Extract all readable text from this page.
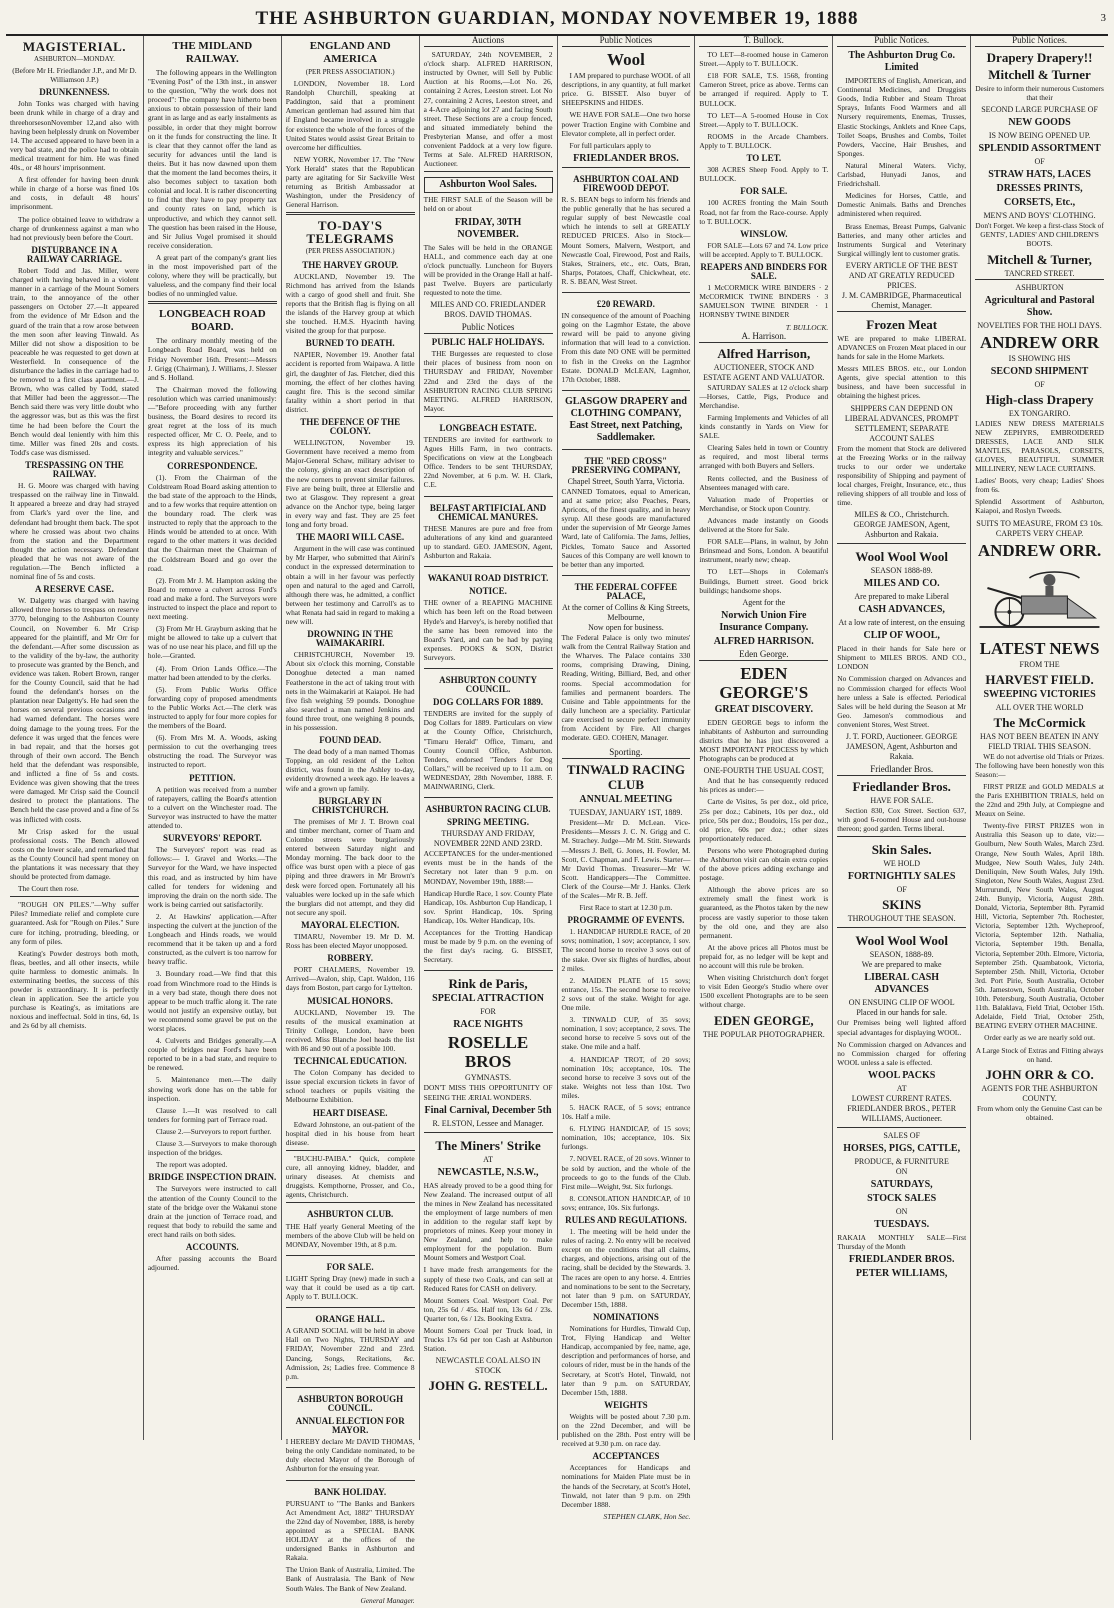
THE ASHBURTON GUARDIAN, MONDAY NOVEMBER 19, 1888	3
MAGISTERIAL.
ASHBURTON—MONDAY.

(Before Mr H. Friedlander J.P., and Mr D. Williamson J.P.)

DRUNKENNESS.

John Tonks was charged with having been drunk while in charge of a dray and threehorsesonNovember 12,and also with having been helplessly drunk on November 14. The accused appeared to have been in a very bad state, and the police had to obtain medical treatment for him. He was fined 40s., or 48 hours' imprisonment.

A first offender for having been drunk while in charge of a horse was fined 10s and costs, in default 48 hours' imprisonment.

The police obtained leave to withdraw a charge of drunkenness against a man who had not previously been before the Court.

DISTURBANCE IN A RAILWAY CARRIAGE.

Robert Todd and Jas. Miller, were charged with having behaved in a violent manner in a carriage of the Mount Somers train, to the annoyance of the other passengers on October 27.—It appeared from the evidence of Mr Edson and the guard of the train that a row arose between the men soon after leaving Tinwald. As Miller did not show a disposition to be peaceable he was requested to get down at Westerfield. In consequence of the disturbance the ladies in the carriage had to be removed to a first class apartment.—J. Brown, who was called by Todd, stated that Miller had been the aggressor.—The Bench said there was very little doubt who the aggressor was, but as this was the first time he had been before the Court the Bench would deal leniently with him this time. Miller was fined 20s and costs. Todd's case was dismissed.

TRESPASSING ON THE RAILWAY.

H. G. Moore was charged with having trespassed on the railway line in Tinwald. It appeared a breeze and dray had strayed from Clark's yard over the line, and defendant had brought them back. The spot where he crossed was about two chains from the station and the Department thought the action necessary. Defendant pleaded that he was not aware of the regulation.—The Bench inflicted a nominal fine of 5s and costs.

A RESERVE CASE.

W. Dalgetty was charged with having allowed three horses to trespass on reserve 3770, belonging to the Ashburton County Council, on November 6. Mr Crisp appeared for the plaintiff, and Mr Orr for the defendant.—After some discussion as to the validity of the by-law, the authority to prosecute was granted by the Bench, and evidence was taken. Robert Brown, ranger for the County Council, said that he had found the defendant's horses on the plantation near Dalgetty's. He had seen the horses on several previous occasions and had warned defendant. The horses were doing damage to the young trees. For the defence it was urged that the fences were in bad repair, and that the horses got through of their own accord. The Bench held that the defendant was responsible, and inflicted a fine of 5s and costs. Evidence was given showing that the trees were damaged. Mr Crisp said the Council desired to protect the plantations. The Bench held the case proved and a fine of 5s was inflicted with costs.

Mr Crisp asked for the usual professional costs. The Bench allowed costs on the lower scale, and remarked that as the County Council had spent money on the plantations it was necessary that they should be protected from damage.

The Court then rose.

"ROUGH ON PILES."—Why suffer Piles? Immediate relief and complete cure guaranteed. Ask for "Rough on Piles." Sure cure for itching, protruding, bleeding, or any form of piles.

Keating's Powder destroys both moth, fleas, beetles, and all other insects, while quite harmless to domestic animals. In exterminating beetles, the success of this powder is extraordinary. It is perfectly clean in application. See the article you purchase is Keating's, as imitations are noxious and ineffectual. Sold in tins, 6d, 1s and 2s 6d by all chemists.

THE MIDLAND RAILWAY.

The following appears in the Wellington "Evening Post" of the 13th inst., in answer to the question, "Why the work does not proceed": The company have hitherto been anxious to obtain possession of their land grant in as large and as early instalments as possible, in order that they might borrow on it the funds for constructing the line. It is clear that they cannot offer the land as security for advances until the land is theirs. But it has now dawned upon them that the moment the land becomes theirs, it also becomes subject to taxation both colonial and local. It is rather disconcerting to find that they have to pay property tax and county rates on land, which is unproductive, and which they cannot sell. The question has been raised in the House, and Sir Julius Vogel promised it should receive consideration.

A great part of the company's grant lies in the most impoverished part of the colony, where they will be practically, but valueless, and the company find their local bodies of no unmingled value.

LONGBEACH ROAD BOARD.

The ordinary monthly meeting of the Longbeach Road Board, was held on Friday November 16th. Present:—Messrs J. Grigg (Chairman), J. Williams, J. Slesser and S. Holland.

The Chairman moved the following resolution which was carried unanimously:—"Before proceeding with any further business, the Board desires to record its great regret at the loss of its much respected officer, Mr C. O. Peele, and to express its high appreciation of his integrity and valuable services."

CORRESPONDENCE.

(1). From the Chairman of the Coldstream Road Board asking attention to the bad state of the approach to the Hinds, and to a few works that require attention on the boundary road. The clerk was instructed to reply that the approach to the Hinds would be attended to at once. With regard to the other matters it was decided that the Chairman meet the Chairman of the Coldstream Board and go over the road.

(2). From Mr J. M. Hampton asking the Board to remove a culvert across Ford's road and make a ford. The Surveyors were instructed to inspect the place and report to next meeting.

(3) From Mr H. Grayburn asking that he might be allowed to take up a culvert that was of no use near his place, and fill up the hole.—Granted.

(4). From Orion Lands Office.—The matter had been attended to by the clerks.

(5). From Public Works Office forwarding copy of proposed amendments to the Public Works Act.—The clerk was instructed to apply for four more copies for the members of the Board.

(6). From Mrs M. A. Woods, asking permission to cut the overhanging trees obstructing the road. The Surveyor was instructed to report.

PETITION.

A petition was received from a number of ratepayers, calling the Board's attention to a culvert on the Winchester road. The Surveyor was instructed to have the matter attended to.

SURVEYORS' REPORT.

The Surveyors' report was read as follows:— I. Gravel and Works.—The Surveyor for the Ward, we have inspected this road, and as instructed by him have called for tenders for widening and improving the drain on the north side. The work is being carried out satisfactorily.

2. At Hawkins' application.—After inspecting the culvert at the junction of the Longbeach and Hinds roads, we would recommend that it be taken up and a ford constructed, as the culvert is too narrow for heavy traffic.

3. Boundary road.—We find that this road from Winchmore road to the Hinds is in a very bad state, though there does not appear to be much traffic along it. The rate would not justify an expensive outlay, but we recommend some gravel be put on the worst places.

4. Culverts and Bridges generally.—A couple of bridges near Ford's have been reported to be in a bad state, and require to be renewed.

5. Maintenance men.—The daily showing work done has on the table for inspection.

Clause 1.—It was resolved to call tenders for forming part of Terrace road.

Clause 2.—Surveyors to report further.

Clause 3.—Surveyors to make thorough inspection of the bridges.

The report was adopted.

BRIDGE INSPECTION DRAIN.

The Surveyors were instructed to call the attention of the County Council to the state of the bridge over the Wakanui stone drain at the junction of Terrace road, and request that body to rebuild the same and erect hand rails on both sides.

ACCOUNTS.

After passing accounts the Board adjourned.

ENGLAND AND AMERICA
(PER PRESS ASSOCIATION.)

LONDON, November 18. Lord Randolph Churchill, speaking at Paddington, said that a prominent American gentleman had assured him that if England became involved in a struggle for existence the whole of the forces of the United States would assist Great Britain to overcome her difficulties.

NEW YORK, November 17. The "New York Herald" states that the Republican party are agitating for Sir Sackville West returning as British Ambassador at Washington, under the Presidency of General Harrison.

TO-DAY'S TELEGRAMS
(PER PRESS ASSOCIATION.)
THE HARVEY GROUP.

AUCKLAND, November 19. The Richmond has arrived from the Islands with a cargo of good shell and fruit. She reports that the British flag is flying on all the islands of the Harvey group at which she touched. H.M.S. Hyacinth having visited the group for that purpose.

BURNED TO DEATH.

NAPIER, November 19. Another fatal accident is reported from Waipawa. A little girl, the daughter of Jas. Fletcher, died this morning, the effect of her clothes having caught fire. This is the second similar fatality within a short period in that district.

THE DEFENCE OF THE COLONY.

WELLINGTON, November 19. Government have received a memo from Major-General Schaw, military adviser to the colony, giving an exact description of the new corners to prevent similar failures. Five are being built, three at Ellerslie and two at Glasgow. They represent a great advance on the Anchor type, being larger in every way and fast. They are 25 feet long and forty broad.

THE MAORI WILL CASE.

Argument in the will case was continued by Mr Harper, who submitted that Airini's conduct in the expressed determination to obtain a will in her favour was perfectly open and natural to the aged and Carroll, although there was, he admitted, a conflict between her testimony and Carroll's as to what Renata had said in regard to making a new will.

DROWNING IN THE WAIMAKARIRI.

CHRISTCHURCH, November 19. About six o'clock this morning, Constable Donoghue detected a man named Featherstone in the act of taking trout with nets in the Waimakariri at Kaiapoi. He had five fish weighing 59 pounds. Donoghue also searched a man named Jenkins and found three trout, one weighing 8 pounds, in his possession.

FOUND DEAD.

The dead body of a man named Thomas Topping, an old resident of the Lelton district, was found in the Ashley to-day, evidently drowned a week ago. He leaves a wife and a grown up family.

BURGLARY IN CHRISTCHURCH.

The premises of Mr J. T. Brown coal and timber merchant, corner of Tuam and Colombo streets were burglariously entered between Saturday night and Monday morning. The back door to the office was burst open with a piece of gas piping and three drawers in Mr Brown's desk were forced open. Fortunately all his valuables were locked up in the safe which the burglars did not attempt, and they did not secure any spoil.

MAYORAL ELECTION.

TIMARU, November 19. Mr D. M. Ross has been elected Mayor unopposed.

ROBBERY.

PORT CHALMERS, November 19. Arrived—Avalon, ship, Capt. Waldon, 116 days from Boston, part cargo for Lyttelton.

MUSICAL HONORS.

AUCKLAND, November 19. The results of the musical examination at Trinity College, London, have been received. Miss Blanche Joel heads the list with 86 and 90 out of a possible 100.

TECHNICAL EDUCATION.

The Colon Company has decided to issue special excursion tickets in favor of school teachers or pupils visiting the Melbourne Exhibition.

HEART DISEASE.

Edward Johnstone, an out-patient of the hospital died in his house from heart disease.

"BUCHU-PAIBA." Quick, complete cure, all annoying kidney, bladder, and urinary diseases. At chemists and druggists. Kempthorne, Prosser, and Co., agents, Christchurch.

ASHBURTON CLUB.

THE Half yearly General Meeting of the members of the above Club will be held on MONDAY, November 19th, at 8 p.m.

FOR SALE.

LIGHT Spring Dray (new) made in such a way that it could be used as a tip cart. Apply to T. BULLOCK.

ORANGE HALL.

A GRAND SOCIAL will be held in above Hall on Two Nights, THURSDAY and FRIDAY, November 22nd and 23rd. Dancing, Songs, Recitations, &c. Admission, 2s; Ladies free. Commence 8 p.m.

ASHBURTON BOROUGH COUNCIL.
ANNUAL ELECTION FOR MAYOR.

I HEREBY declare Mr DAVID THOMAS, being the only Candidate nominated, to be duly elected Mayor of the Borough of Ashburton for the ensuing year.

BANK HOLIDAY.

PURSUANT to "The Banks and Bankers Act Amendment Act, 1882" THURSDAY the 22nd day of November, 1888, is hereby appointed as a SPECIAL BANK HOLIDAY at the offices of the undersigned Banks in Ashburton and Rakaia.

The Union Bank of Australia, Limited. The Bank of Australasia. The Bank of New South Wales. The Bank of New Zealand.

General Manager.
Auctions

SATURDAY, 24th NOVEMBER, 2 o'clock sharp. ALFRED HARRISON, instructed by Owner, will Sell by Public Auction at his Rooms,—Lot No. 26, containing 2 Acres, Leeston street. Lot No 27, containing 2 Acres, Leeston street, and a 4-Acre adjoining lot 27 and facing South street. These Sections are a croup fenced, and situated immediately behind the Presbyterian Manse, and offer a most convenient Paddock at a very low figure. Terms at Sale. ALFRED HARRISON, Auctioneer.

Ashburton Wool Sales.

THE FIRST SALE of the Season will be held on or about

FRIDAY, 30TH NOVEMBER.

The Sales will be held in the ORANGE HALL, and commence each day at one o'clock punctually. Luncheon for Buyers will be provided in the Orange Hall at half-past Twelve. Buyers are particularly requested to note the time.

MILES AND CO. FRIEDLANDER BROS. DAVID THOMAS.
Public Notices
PUBLIC HALF HOLIDAYS.

THE Burgesses are requested to close their places of business from noon on THURSDAY and FRIDAY, November 22nd and 23rd the days of the ASHBURTON RACING CLUB SPRING MEETING. ALFRED HARRISON, Mayor.

LONGBEACH ESTATE.

TENDERS are invited for earthwork to Agues Hills Farm, in two contracts. Specifications on view at the Longbeach Office. Tenders to be sent THURSDAY, 22nd November, at 6 p.m. W. H. Clark, C.E.

BELFAST ARTIFICIAL AND CHEMICAL MANURES.

THESE Manures are pure and free from adulterations of any kind and guaranteed up to standard. GEO. JAMESON, Agent, Ashburton and Rakaia.

WAKANUI ROAD DISTRICT.
NOTICE.

THE owner of a REAPING MACHINE which has been left on the Road between Hyde's and Harvey's, is hereby notified that the same has been removed into the Board's Yard, and can be had by paying expenses. POOKS & SON, District Surveyors.

ASHBURTON COUNTY COUNCIL.
DOG COLLARS FOR 1889.

TENDERS are invited for the supply of Dog Collars for 1889. Particulars on view at the County Office, Christchurch, "Timaru Herald" Office, Timaru, and County Council Office, Ashburton. Tenders, endorsed "Tenders for Dog Collars," will be received up to 11 a.m. on WEDNESDAY, 28th November, 1888. F. MAINWARING, Clerk.

ASHBURTON RACING CLUB.
SPRING MEETING.
THURSDAY AND FRIDAY, NOVEMBER 22ND AND 23RD.

ACCEPTANCES for the under-mentioned events must be in the hands of the Secretary not later than 9 p.m. on MONDAY, November 19th, 1888:—

Handicap Hurdle Race, 1 sov. County Plate Handicap, 10s. Ashburton Cup Handicap, 1 sov. Sprint Handicap, 10s. Spring Handicap, 10s. Welter Handicap, 10s.

Acceptances for the Trotting Handicap must be made by 9 p.m. on the evening of the first day's racing. G. BISSET, Secretary.

Rink de Paris,
SPECIAL ATTRACTION
FOR
RACE NIGHTS
ROSELLE BROS
GYMNASTS.

DON'T MISS THIS OPPORTUNITY OF SEEING THE ÆRIAL WONDERS.

Final Carnival, December 5th
R. ELSTON, Lessee and Manager.
The Miners' Strike
AT
NEWCASTLE, N.S.W.,

HAS already proved to be a good thing for New Zealand. The increased output of all the mines in New Zealand has necessitated the employment of large numbers of men in addition to the regular staff kept by proprietors of mines. Keep your money in New Zealand, and help to make employment for the population. Burn Mount Somers and Westport Coal.

I have made fresh arrangements for the supply of these two Coals, and can sell at Reduced Rates for CASH on delivery.

Mount Somers Coal. Westport Coal. Per ton, 25s 6d / 45s. Half ton, 13s 6d / 23s. Quarter ton, 6s / 12s. Booking Extra.

Mount Somers Coal per Truck load, in Trucks 17s 6d per ton Cash at Ashburton Station.

NEWCASTLE COAL ALSO IN STOCK
JOHN G. RESTELL.
Public Notices
Wool

I AM prepared to purchase WOOL of all descriptions, in any quantity, at full market price. G. BISSET. Also buyer of SHEEPSKINS and HIDES.

WE HAVE FOR SALE—One two horse power Traction Engine with Combine and Elevator complete, all in perfect order.

For full particulars apply to

FRIEDLANDER BROS.
ASHBURTON COAL AND FIREWOOD DEPOT.

R. S. BEAN begs to inform his friends and the public generally that he has secured a regular supply of best Newcastle coal which he intends to sell at GREATLY REDUCED PRICES. Also in Stock—Mount Somers, Malvern, Westport, and Newcastle Coal, Firewood, Post and Rails, Stakes, Strainers, etc., etc. Oats, Bran, Sharps, Potatoes, Chaff, Chickwheat, etc. R. S. BEAN, West Street.

£20 REWARD.

IN consequence of the amount of Poaching going on the Lagmhor Estate, the above reward will be paid to anyone giving information that will lead to a conviction. From this date NO ONE will be permitted to fish in the Creeks on the Lagmhor Estate. DONALD McLEAN, Lagmhor, 17th October, 1888.

GLASGOW DRAPERY and CLOTHING COMPANY, East Street, next Patching, Saddlemaker.
THE "RED CROSS" PRESERVING COMPANY,
Chapel Street, South Yarra, Victoria.

CANNED Tomatoes, equal to American, and at same price; also Peaches, Pears, Apricots, of the finest quality, and in heavy syrup. All these goods are manufactured under the supervision of Mr George James Ward, late of California. The Jams, Jellies, Pickles, Tomato Sauce and Assorted Sauces of this Company are well known to be better than any imported.

THE FEDERAL COFFEE PALACE,
At the corner of Collins & King Streets, Melbourne,
Now open for business.

The Federal Palace is only two minutes' walk from the Central Railway Station and the Wharves. The Palace contains 330 rooms, comprising Drawing, Dining, Reading, Writing, Billiard, Bed, and other rooms. Special accommodation for families and permanent boarders. The Cuisine and Table appointments for the daily luncheon are a speciality. Particular care exercised to secure perfect immunity from Accident by Fire. All charges moderate. GEO. COHEN, Manager.

Sporting.
TINWALD RACING CLUB
ANNUAL MEETING
TUESDAY, JANUARY 1ST, 1889.

President—Mr D. McLean. Vice-Presidents—Messrs J. C. N. Grigg and C. M. Strachey. Judge—Mr M. Stitt. Stewards—Messrs J. Bell, G. Jones, H. Fowler, M. Scott, C. Chapman, and F. Lewis. Starter—Mr David Thomas. Treasurer—Mr W. Scott. Handicappers—The Committee. Clerk of the Course—Mr J. Hanks. Clerk of the Scales—Mr R. B. Jeff.

First Race to start at 12.30 p.m.

PROGRAMME OF EVENTS.

1. HANDICAP HURDLE RACE, of 20 sovs; nomination, 1 sov; acceptance, 1 sov. The second horse to receive 3 sovs out of the stake. Over six flights of hurdles, about 2 miles.

2. MAIDEN PLATE of 15 sovs; entrance, 15s. The second horse to receive 2 sovs out of the stake. Weight for age. One mile.

3. TINWALD CUP, of 35 sovs; nomination, 1 sov; acceptance, 2 sovs. The second horse to receive 5 sovs out of the stake. One mile and a half.

4. HANDICAP TROT, of 20 sovs; nomination 10s; acceptance, 10s. The second horse to receive 3 sovs out of the stake. Weights not less than 10st. Two miles.

5. HACK RACE, of 5 sovs; entrance 10s. Half a mile.

6. FLYING HANDICAP, of 15 sovs; nomination, 10s; acceptance, 10s. Six furlongs.

7. NOVEL RACE, of 20 sovs. Winner to be sold by auction, and the whole of the proceeds to go to the funds of the Club. First mile—Weight, 9st. Six furlongs.

8. CONSOLATION HANDICAP, of 10 sovs; entrance, 10s. Six furlongs.

RULES AND REGULATIONS.

1. The meeting will be held under the rules of racing. 2. No entry will be received except on the conditions that all claims, charges, and objections, arising out of the racing, shall be decided by the Stewards. 3. The races are open to any horse. 4. Entries and nominations to be sent to the Secretary, not later than 9 p.m. on SATURDAY, December 15th, 1888.

NOMINATIONS

Nominations for Hurdles, Tinwald Cup, Trot, Flying Handicap and Welter Handicap, accompanied by fee, name, age, description and performances of horse, and colours of rider, must be in the hands of the Secretary, at Scott's Hotel, Tinwald, not later than 9 p.m. on SATURDAY, December 15th, 1888.

WEIGHTS

Weights will be posted about 7.30 p.m. on the 22nd December, and will be published on the 28th. Post entry will be received at 9.30 p.m. on race day.

ACCEPTANCES

Acceptances for Handicaps and nominations for Maiden Plate must be in the hands of the Secretary, at Scott's Hotel, Tinwald, not later than 9 p.m. on 29th December 1888.

STEPHEN CLARK, Hon Sec.
T. Bullock.

TO LET—8-roomed house in Cameron Street.—Apply to T. BULLOCK.

£18 FOR SALE, T.S. 1568, fronting Cameron Street, price as above. Terms can be arranged if required. Apply to T. BULLOCK.

TO LET—A 5-roomed House in Cox Street.—Apply to T. BULLOCK.

ROOMS in the Arcade Chambers. Apply to T. BULLOCK.

TO LET.

308 ACRES Sheep Food. Apply to T. BULLOCK.

FOR SALE.

100 ACRES fronting the Main South Road, not far from the Race-course. Apply to T. BULLOCK.

WINSLOW.

FOR SALE—Lots 67 and 74. Low price will be accepted. Apply to T. BULLOCK.

REAPERS AND BINDERS FOR SALE.

1 McCORMICK WIRE BINDERS · 2 McCORMICK TWINE BINDERS · 3 SAMUELSON TWINE BINDER · 1 HORNSBY TWINE BINDER

T. BULLOCK.
A. Harrison.
Alfred Harrison,
AUCTIONEER, STOCK AND ESTATE AGENT AND VALUATOR.

SATURDAY SALES at 12 o'clock sharp—Horses, Cattle, Pigs, Produce and Merchandise.

Farming Implements and Vehicles of all kinds constantly in Yards on View for SALE.

Clearing Sales held in town or Country as required, and most liberal terms arranged with both Buyers and Sellers.

Rents collected, and the Business of Absentees managed with care.

Valuation made of Properties or Merchandise, or Stock upon Country.

Advances made instantly on Goods delivered at the Store for Sale.

FOR SALE—Plans, in walnut, by John Brinsmead and Sons, London. A beautiful instrument, nearly new; cheap.

TO LET—Shops in Coleman's Buildings, Burnett street. Good brick buildings; handsome shops.

Agent for the
Norwich Union Fire Insurance Company.
ALFRED HARRISON.
Eden George.
EDEN GEORGE'S
GREAT DISCOVERY.

EDEN GEORGE begs to inform the inhabitants of Ashburton and surrounding districts that he has just discovered a MOST IMPORTANT PROCESS by which Photographs can be produced at

ONE-FOURTH THE USUAL COST,

And that he has consequently reduced his prices as under:—

Carte de Visites, 5s per doz., old price, 25s per doz.; Cabinets, 10s per doz., old price, 50s per doz.; Boudoirs, 15s per doz., old price, 60s per doz.; other sizes proportionately reduced.

Persons who were Photographed during the Ashburton visit can obtain extra copies of the above prices adding exchange and postage.

Although the above prices are so extremely small the finest work is guaranteed, as the Photos taken by the new process are vastly superior to those taken by the old one, and they are also permanent.

At the above prices all Photos must be prepaid for, as no ledger will be kept and no account will this rule be broken.

When visiting Christchurch don't forget to visit Eden George's Studio where over 1500 excellent Photographs are to be seen without charge.

EDEN GEORGE,
THE POPULAR PHOTOGRAPHER.
Public Notices.
The Ashburton Drug Co. Limited

IMPORTERS of English, American, and Continental Medicines, and Druggists Goods, India Rubber and Steam Throat Sprays, Infants Food Warmers and all Nursery requirements, Enemas, Trusses, Elastic Stockings, Anklets and Knee Caps, Toilet Soaps, Brushes and Combs, Toilet Powders, Vaccine, Hair Brushes, and Sponges.

Natural Mineral Waters. Vichy, Carlsbad, Hunyadi Janos, and Friedrichshall.

Medicines for Horses, Cattle, and Domestic Animals. Baths and Drenches administered when required.

Brass Enemas, Breast Pumps, Galvanic Batteries, and many other articles and Instruments Surgical and Veterinary Surgical willingly lent to customer gratis.

EVERY ARTICLE OF THE BEST AND AT GREATLY REDUCED PRICES.
J. M. CAMBRIDGE, Pharmaceutical Chemist, Manager.
Frozen Meat

WE are prepared to make LIBERAL ADVANCES on Frozen Meat placed in our hands for sale in the Home Markets.

Messrs MILES BROS. etc., our London Agents, give special attention to this business, and have been successful in obtaining the highest prices.

SHIPPERS CAN DEPEND ON LIBERAL ADVANCES, PROMPT SETTLEMENT, SEPARATE ACCOUNT SALES

From the moment that Stock are delivered at the Freezing Works or in the railway trucks to our order we undertake responsibility of Shipping and payment of local charges, Freight, Insurance, etc., thus relieving shippers of all trouble and loss of time.

MILES & CO., Christchurch. GEORGE JAMESON, Agent, Ashburton and Rakaia.
Wool Wool Wool
SEASON 1888-89.
MILES AND CO.
Are prepared to make Liberal
CASH ADVANCES,
At a low rate of interest, on the ensuing
CLIP OF WOOL,

Placed in their hands for Sale here or Shipment to MILES BROS. AND CO., LONDON

No Commission charged on Advances and no Commission charged for effects Wool here unless a Sale is effected. Periodical Sales will be held during the Season at Mr Geo. Jameson's commodious and convenient Stores, West Street.

J. T. FORD, Auctioneer. GEORGE JAMESON, Agent, Ashburton and Rakaia.
Friedlander Bros.
Friedlander Bros.
HAVE FOR SALE.

Section 830, Cox Street. Section 637, with good 6-roomed House and out-house thereon; good garden. Terms liberal.

Skin Sales.
WE HOLD
FORTNIGHTLY SALES
OF
SKINS
THROUGHOUT THE SEASON.
Wool Wool Wool
SEASON, 1888-89.
We are prepared to make
LIBERAL CASH ADVANCES
ON ENSUING CLIP OF WOOL
Placed in our hands for sale.

Our Premises being well lighted afford special advantages for displaying WOOL.

No Commission charged on Advances and no Commission charged for offering WOOL unless a sale is effected.

WOOL PACKS
AT
LOWEST CURRENT RATES.
FRIEDLANDER BROS., PETER WILLIAMS, Auctioneer.
SALES OF
HORSES, PIGS, CATTLE,
PRODUCE, & FURNITURE
ON
SATURDAYS,
STOCK SALES
ON
TUESDAYS.

RAKAIA MONTHLY SALE—First Thursday of the Month

FRIEDLANDER BROS.
PETER WILLIAMS,
Public Notices.
Drapery Drapery!!
Mitchell & Turner

Desire to inform their numerous Customers that their

SECOND LARGE PURCHASE OF
NEW GOODS
IS NOW BEING OPENED UP.
SPLENDID ASSORTMENT
OF
STRAW HATS, LACES
DRESSES PRINTS,
CORSETS, Etc.,
MEN'S AND BOYS' CLOTHING.

Don't Forget. We keep a first-class Stock of GENTS', LADIES' AND CHILDREN'S BOOTS.

Mitchell & Turner,
TANCRED STREET.
ASHBURTON
Agricultural and Pastoral Show.
NOVELTIES FOR THE HOLI DAYS.
ANDREW ORR
IS SHOWING HIS
SECOND SHIPMENT
OF
High-class Drapery
EX TONGARIRO.

LADIES NEW DRESS MATERIALS NEW ZEPHYRS, EMBROIDERED DRESSES, LACE AND SILK MANTLES, PARASOLS, CORSETS, GLOVES, BEAUTIFUL SUMMER MILLINERY, NEW LACE CURTAINS.

Ladies' Boots, very cheap; Ladies' Shoes from 6s.

Splendid Assortment of Ashburton, Kaiapoi, and Roslyn Tweeds.

SUITS TO MEASURE, FROM £3 10s.
CARPETS VERY CHEAP.
ANDREW ORR.
LATEST NEWS
FROM THE
HARVEST FIELD.
SWEEPING VICTORIES
ALL OVER THE WORLD
The McCormick
HAS NOT BEEN BEATEN IN ANY FIELD TRIAL THIS SEASON.

WE do not advertise old Trials or Prizes. The following have been honestly won this Season:—

FIRST PRIZE and GOLD MEDALS at the Paris EXHIBITION TRIALS, held on the 22nd and 29th July, at Compiegne and Meaux on Seine.

Twenty-five FIRST PRIZES won in Australia this Season up to date, viz:—Goulburn, New South Wales, March 23rd. Orange, New South Wales, April 18th. Mudgee, New South Wales, July 24th. Deniliquin, New South Wales, July 19th. Singleton, New South Wales, August 23rd. Murrurundi, New South Wales, August 24th. Bunyip, Victoria, August 28th. Donald, Victoria, September 8th. Pyramid Hill, Victoria, September 7th. Rochester, Victoria, September 12th. Wycheproof, Victoria, September 12th. Nathalia, Victoria, September 19th. Benalla, Victoria, September 20th. Elmore, Victoria, September 25th. Quambatook, Victoria, September 25th. Nhill, Victoria, October 3rd. Port Pirie, South Australia, October 5th. Jamestown, South Australia, October 10th. Petersburg, South Australia, October 11th. Balaklava, Field Trial, October 15th. Adelaide, Field Trial, October 25th, BEATING EVERY OTHER MACHINE.

Order early as we are nearly sold out.

A Large Stock of Extras and Fitting always on hand.

JOHN ORR & CO.
AGENTS FOR THE ASHBURTON COUNTY.

From whom only the Genuine Cast can be obtained.
